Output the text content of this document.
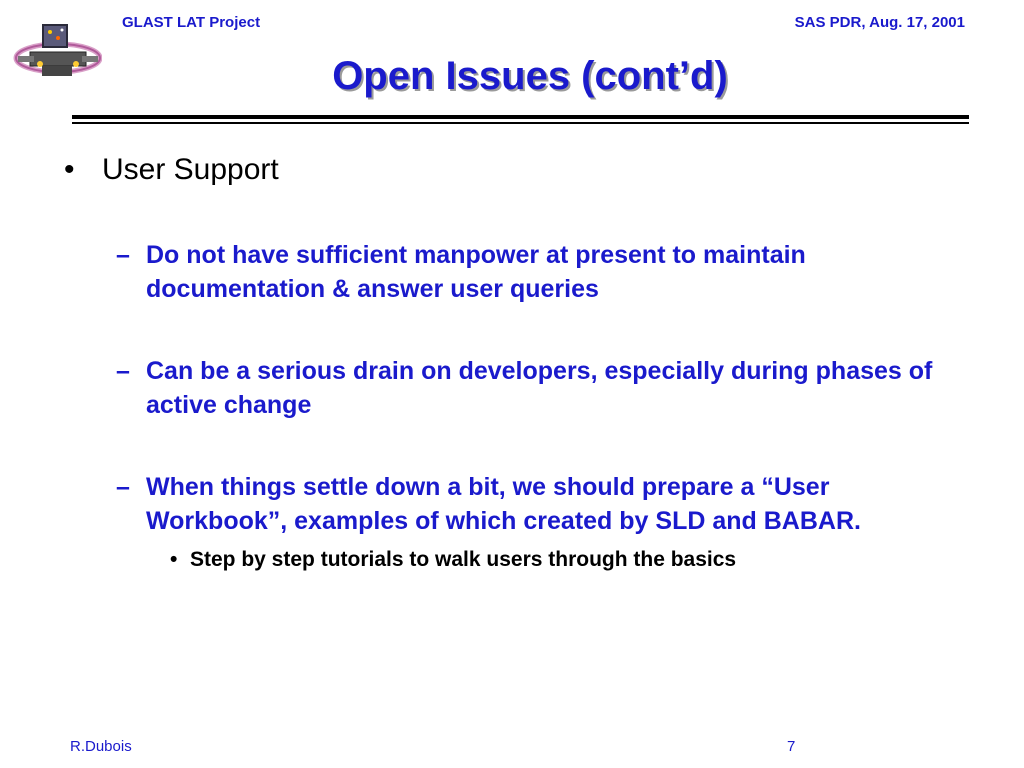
GLAST LAT Project	SAS PDR, Aug. 17, 2001
Open Issues (cont’d)
• User Support
– Do not have sufficient manpower at present to maintain documentation & answer user queries
– Can be a serious drain on developers, especially during phases of active change
– When things settle down a bit, we should prepare a “User Workbook”, examples of which created by SLD and BABAR.
• Step by step tutorials to walk users through the basics
R.Dubois	7
